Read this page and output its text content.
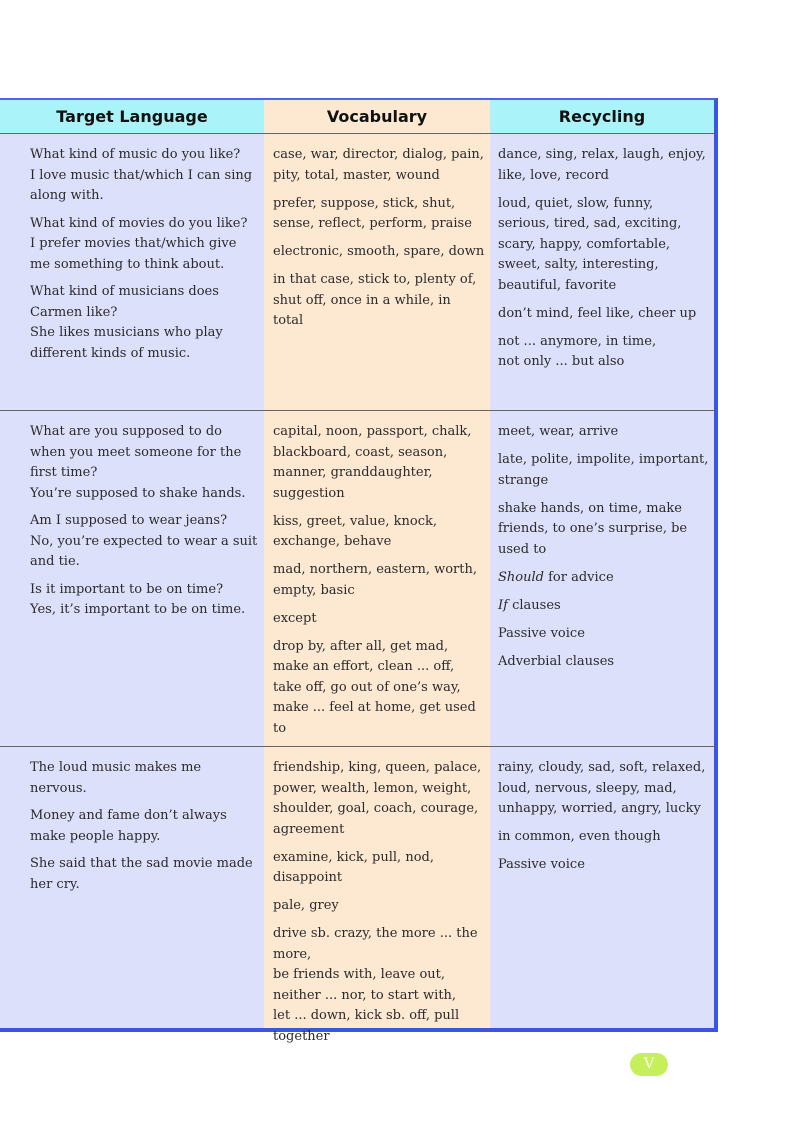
Target Language	Vocabulary	Recycling

What kind of music do you like?
I love music that/which I can sing along with.

What kind of movies do you like?
I prefer movies that/which give me something to think about.

What kind of musicians does Carmen like?
She likes musicians who play different kinds of music.

case, war, director, dialog, pain, pity, total, master, wound

prefer, suppose, stick, shut, sense, reflect, perform, praise

electronic, smooth, spare, down

in that case, stick to, plenty of, shut off, once in a while, in total

dance, sing, relax, laugh, enjoy, like, love, record

loud, quiet, slow, funny,
serious, tired, sad, exciting, scary, happy, comfortable, sweet, salty, interesting, beautiful, favorite

don’t mind, feel like, cheer up

not ... anymore, in time,
not only ... but also

What are you supposed to do when you meet someone for the first time?
You’re supposed to shake hands.

Am I supposed to wear jeans?
No, you’re expected to wear a suit and tie.

Is it important to be on time?
Yes, it’s important to be on time.

capital, noon, passport, chalk, blackboard, coast, season, manner, granddaughter, suggestion

kiss, greet, value, knock, exchange, behave

mad, northern, eastern, worth, empty, basic

except

drop by, after all, get mad, make an effort, clean ... off, take off, go out of one’s way, make ... feel at home, get used to

meet, wear, arrive

late, polite, impolite, important, strange

shake hands, on time, make friends, to one’s surprise, be used to

Should for advice

If clauses

Passive voice

Adverbial clauses

The loud music makes me nervous.

Money and fame don’t always make people happy.

She said that the sad movie made her cry.

friendship, king, queen, palace, power, wealth, lemon, weight, shoulder, goal, coach, courage, agreement

examine, kick, pull, nod, disappoint

pale, grey

drive sb. crazy, the more ... the more,
be friends with, leave out,
neither ... nor, to start with,
let ... down, kick sb. off, pull together

rainy, cloudy, sad, soft, relaxed, loud, nervous, sleepy, mad, unhappy, worried, angry, lucky

in common, even though

Passive voice

V
